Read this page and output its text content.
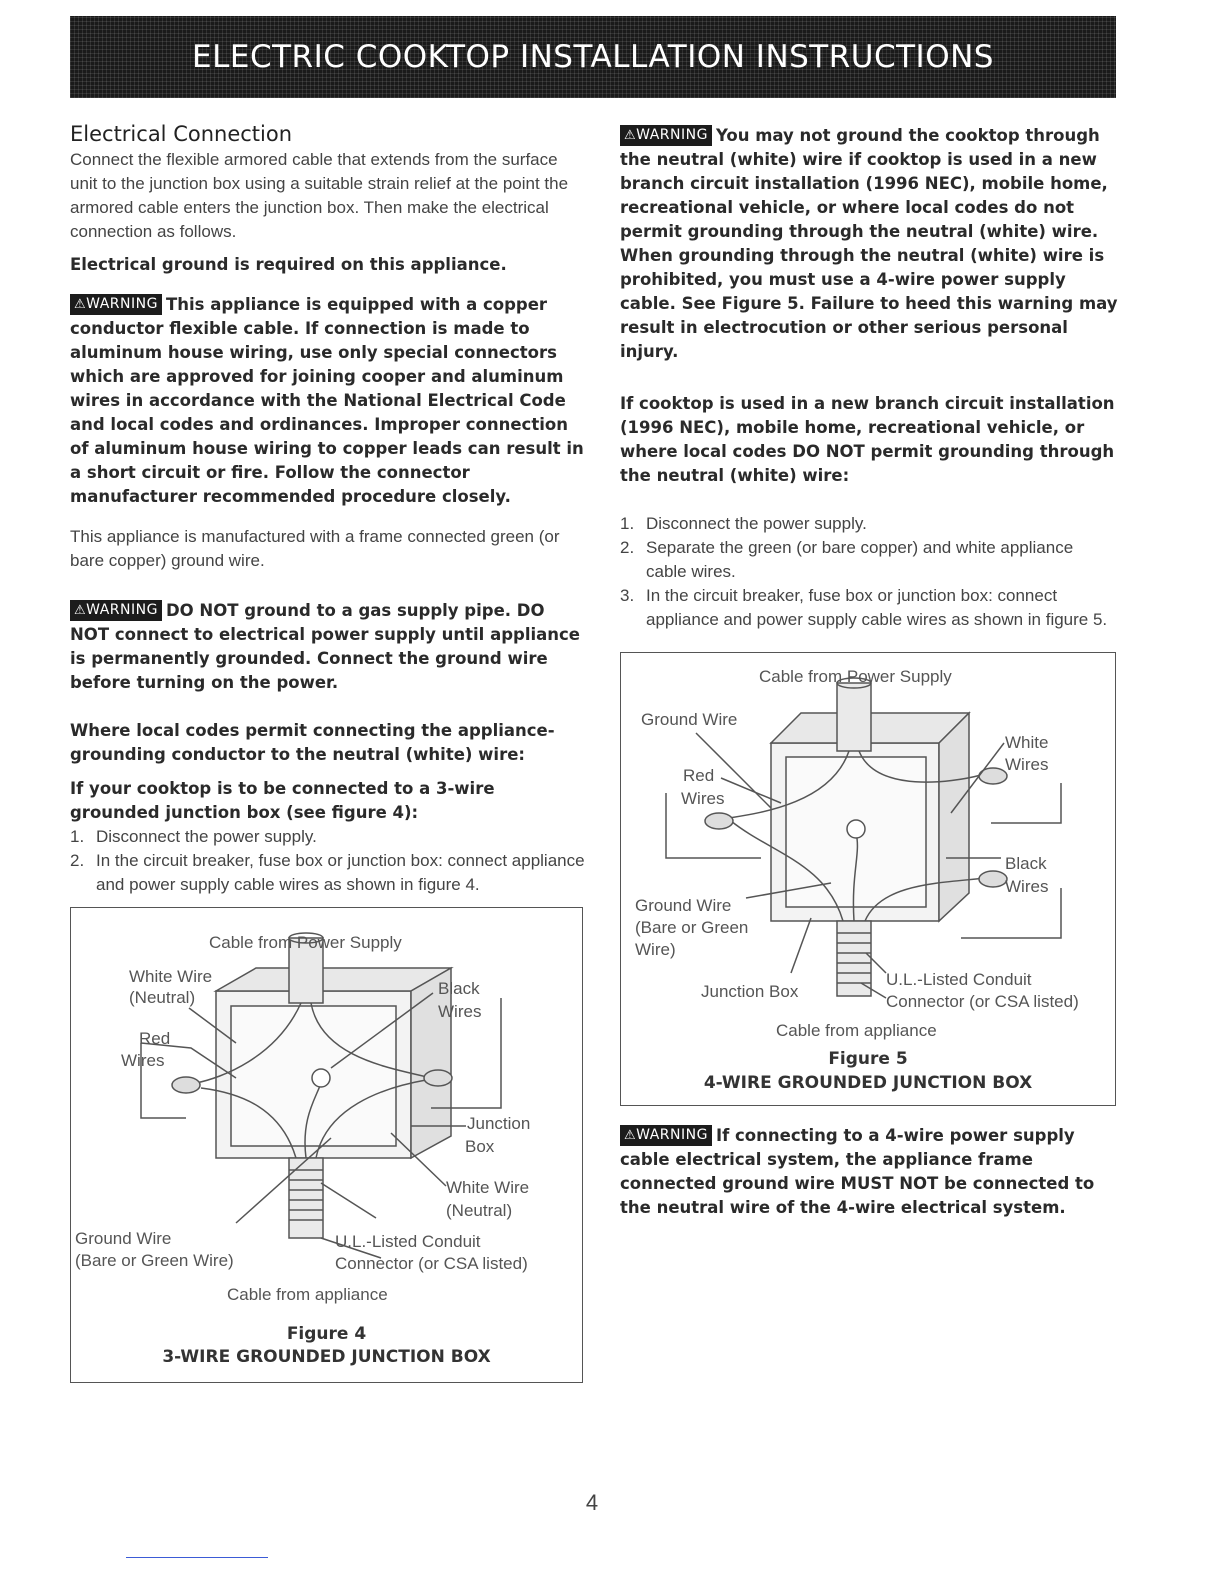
ELECTRIC COOKTOP INSTALLATION INSTRUCTIONS
Electrical Connection

Connect the flexible armored cable that extends from the surface unit to the junction box using a suitable strain relief at the point the armored cable enters the junction box. Then make the electrical connection as follows.

Electrical ground is required on this appliance.

⚠WARNING This appliance is equipped with a copper conductor flexible cable. If connection is made to aluminum house wiring, use only special connectors which are approved for joining cooper and aluminum wires in accordance with the National Electrical Code and local codes and ordinances. Improper connection of aluminum house wiring to copper leads can result in a short circuit or fire. Follow the connector manufacturer recommended procedure closely.

This appliance is manufactured with a frame connected green (or bare copper) ground wire.

⚠WARNING DO NOT ground to a gas supply pipe. DO NOT connect to electrical power supply until appliance is permanently grounded. Connect the ground wire before turning on the power.

Where local codes permit connecting the appliance-grounding conductor to the neutral (white) wire:

If your cooktop is to be connected to a 3-wire grounded junction box (see figure 4):

1. Disconnect the power supply.
2. In the circuit breaker, fuse box or junction box: connect appliance and power supply cable wires as shown in figure 4.
Cable from Power Supply
White Wire
(Neutral)
Red
Wires
Black
Wires
Junction
Box
White Wire
(Neutral)
Ground Wire
(Bare or Green Wire)
U.L.-Listed Conduit
Connector (or CSA listed)
Cable from appliance
Figure 4
3-WIRE GROUNDED JUNCTION BOX

⚠WARNING You may not ground the cooktop through the neutral (white) wire if cooktop is used in a new branch circuit installation (1996 NEC), mobile home, recreational vehicle, or where local codes do not permit grounding through the neutral (white) wire. When grounding through the neutral (white) wire is prohibited, you must use a 4-wire power supply cable. See Figure 5. Failure to heed this warning may result in electrocution or other serious personal injury.

If cooktop is used in a new branch circuit installation (1996 NEC), mobile home, recreational vehicle, or where local codes DO NOT permit grounding through the neutral (white) wire:

1. Disconnect the power supply.
2. Separate the green (or bare copper) and white appliance cable wires.
3. In the circuit breaker, fuse box or junction box: connect appliance and power supply cable wires as shown in figure 5.
Cable from Power Supply
Ground Wire
Red
Wires
White
Wires
Black
Wires
Ground Wire
(Bare or Green
Wire)
Junction Box
U.L.-Listed Conduit
Connector (or CSA listed)
Cable from appliance
Figure 5
4-WIRE GROUNDED JUNCTION BOX

⚠WARNING If connecting to a 4-wire power supply cable electrical system, the appliance frame connected ground wire MUST NOT be connected to the neutral wire of the 4-wire electrical system.

4
